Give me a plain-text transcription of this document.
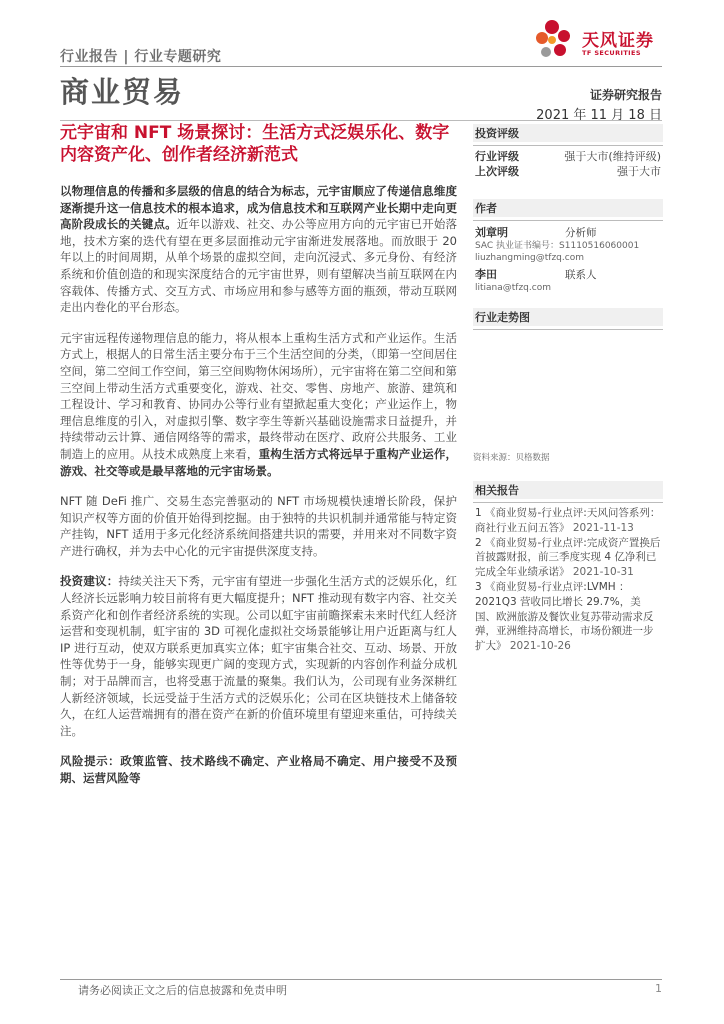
行业报告 | 行业专题研究
天风证券
TF SECURITIES
商业贸易	证券研究报告
2021 年 11 月 18 日
元宇宙和 NFT 场景探讨：生活方式泛娱乐化、数字内容资产化、创作者经济新范式

以物理信息的传播和多层级的信息的结合为标志，元宇宙顺应了传递信息维度逐渐提升这一信息技术的根本追求，成为信息技术和互联网产业长期中走向更高阶段成长的关键点。近年以游戏、社交、办公等应用方向的元宇宙已开始落地，技术方案的迭代有望在更多层面推动元宇宙渐进发展落地。而放眼于 20 年以上的时间周期，从单个场景的虚拟空间，走向沉浸式、多元身份、有经济系统和价值创造的和现实深度结合的元宇宙世界，则有望解决当前互联网在内容载体、传播方式、交互方式、市场应用和参与感等方面的瓶颈，带动互联网走出内卷化的平台形态。

元宇宙远程传递物理信息的能力，将从根本上重构生活方式和产业运作。生活方式上，根据人的日常生活主要分布于三个生活空间的分类，（即第一空间居住空间，第二空间工作空间，第三空间购物休闲场所），元宇宙将在第二空间和第三空间上带动生活方式重要变化，游戏、社交、零售、房地产、旅游、建筑和工程设计、学习和教育、协同办公等行业有望掀起重大变化；产业运作上，物理信息维度的引入，对虚拟引擎、数字孪生等新兴基础设施需求日益提升，并持续带动云计算、通信网络等的需求，最终带动在医疗、政府公共服务、工业制造上的应用。从技术成熟度上来看，重构生活方式将远早于重构产业运作，游戏、社交等或是最早落地的元宇宙场景。

NFT 随 DeFi 推广、交易生态完善驱动的 NFT 市场规模快速增长阶段，保护知识产权等方面的价值开始得到挖掘。由于独特的共识机制并通常能与特定资产挂钩，NFT 适用于多元化经济系统间搭建共识的需要，并用来对不同数字资产进行确权，并为去中心化的元宇宙提供深度支持。

投资建议：持续关注天下秀，元宇宙有望进一步强化生活方式的泛娱乐化，红人经济长远影响力较目前将有更大幅度提升；NFT 推动现有数字内容、社交关系资产化和创作者经济系统的实现。公司以虹宇宙前瞻探索未来时代红人经济运营和变现机制，虹宇宙的 3D 可视化虚拟社交场景能够让用户近距离与红人 IP 进行互动，使双方联系更加真实立体；虹宇宙集合社交、互动、场景、开放性等优势于一身，能够实现更广阔的变现方式，实现新的内容创作利益分成机制；对于品牌而言，也将受惠于流量的聚集。我们认为，公司现有业务深耕红人新经济领域，长远受益于生活方式的泛娱乐化；公司在区块链技术上储备较久，在红人运营端拥有的潜在资产在新的价值环境里有望迎来重估，可持续关注。

风险提示：政策监管、技术路线不确定、产业格局不确定、用户接受不及预期、运营风险等

投资评级
行业评级	强于大市(维持评级)
上次评级	强于大市
作者
刘章明	分析师
SAC 执业证书编号：S1110516060001
liuzhangming@tfzq.com
李田	联系人
litiana@tfzq.com
行业走势图
资料来源：贝格数据
相关报告
1 《商业贸易-行业点评:天风问答系列：商社行业五问五答》 2021-11-13
2 《商业贸易-行业点评:完成资产置换后首披露财报，前三季度实现 4 亿净利已完成全年业绩承诺》 2021-10-31
3 《商业贸易-行业点评:LVMH ：2021Q3 营收同比增长 29.7%，美国、欧洲旅游及餐饮业复苏带动需求反弹，亚洲维持高增长，市场份额进一步扩大》 2021-10-26
请务必阅读正文之后的信息披露和免责申明	1
